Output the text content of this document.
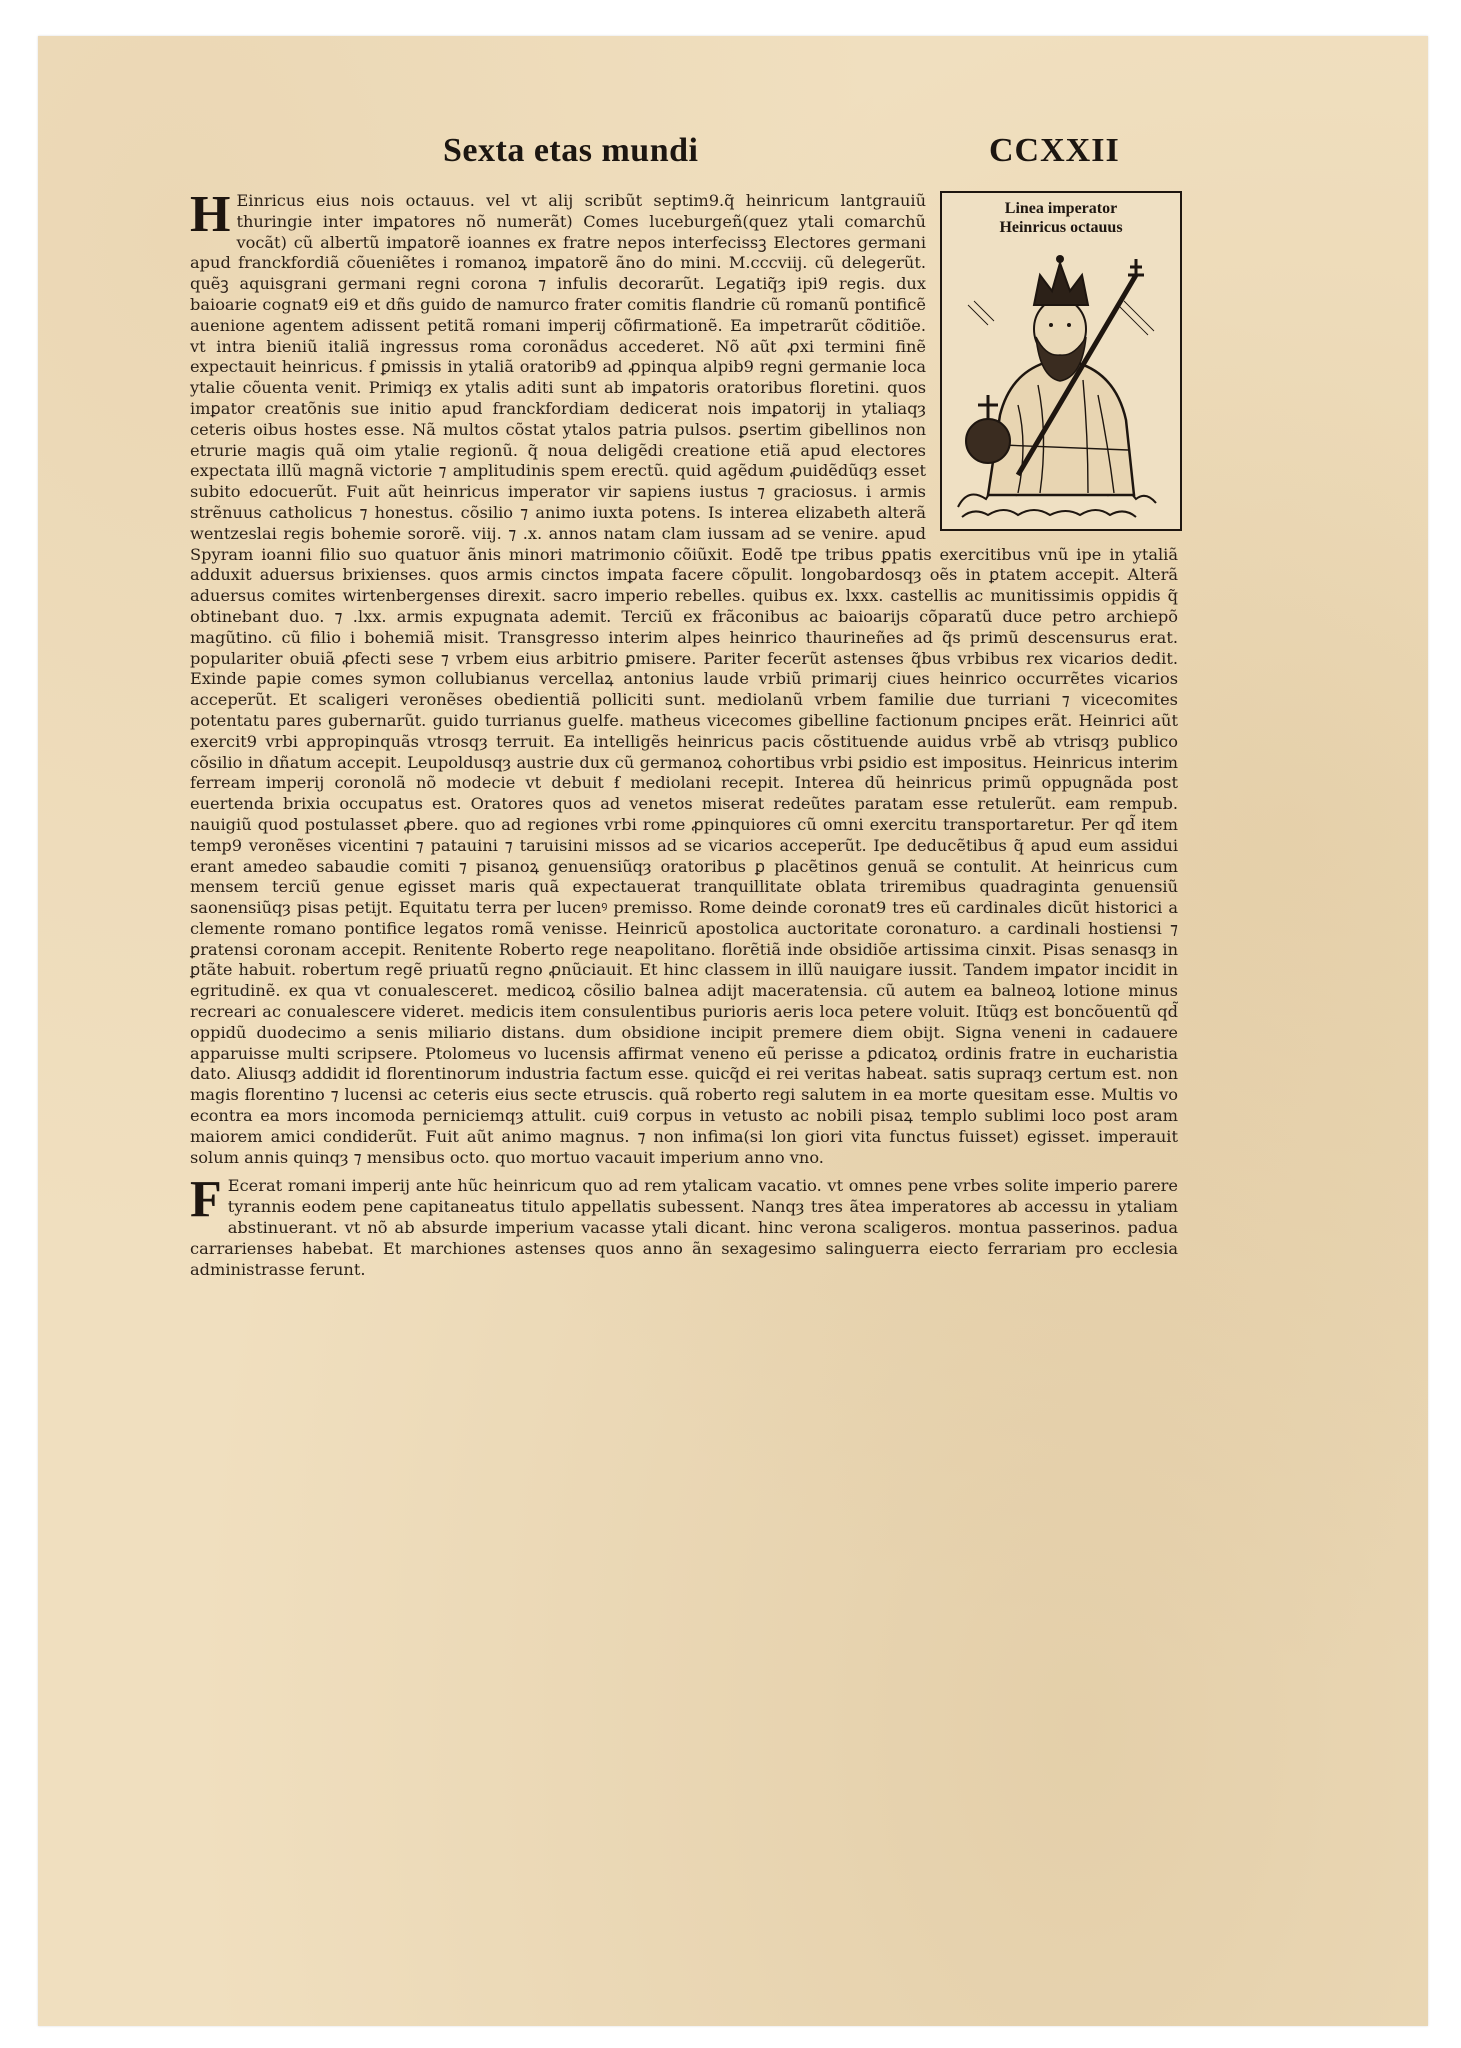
Sexta etas mundi	CCXXII
Linea imperator
Heinricus octauus

H Einricus eius nois octauus. vel vt alij scribũt septim9.q̃ heinricum lantgrauiũ thuringie inter imꝑatores nõ numerãt) Comes luceburgeñ(quez ytali comarchũ vocãt) cũ albertũ imꝑatorẽ ioannes ex fratre nepos interfecissꝫ Electores germani apud franckfordiã cõueniẽtes i romanoꝝ imꝑatorẽ ãno do mini. M.cccviij. cũ delegerũt. quẽꝫ aquisgrani germani regni corona ⁊ infulis decorarũt. Legatiq̃ȝ ipi9 regis. dux baioarie cognat9 ei9 et dñs guido de namurco frater comitis flandrie cũ romanũ pontificẽ auenione agentem adissent petitã romani imperij cõfirmationẽ. Ea impetrarũt cõditiõe. vt intra bieniũ italiã ingressus roma coronãdus accederet. Nõ aũt ꝓxi termini finẽ expectauit heinricus. ẜ ꝑmissis in ytaliã oratorib9 ad ꝓpinqua alpib9 regni germanie loca ytalie cõuenta venit. Primiqȝ ex ytalis aditi sunt ab imꝑatoris oratoribus floretini. quos imꝑator creatõnis sue initio apud franckfordiam dedicerat nois imꝑatorij in ytaliaqȝ ceteris oibus hostes esse. Nã multos cõstat ytalos patria pulsos. ꝑsertim gibellinos non etrurie magis quã oim ytalie regionũ. q̃ noua deligẽdi creatione etiã apud electores expectata illũ magnã victorie ⁊ amplitudinis spem erectũ. quid agẽdum ꝓuidẽdũqȝ esset subito edocuerũt. Fuit aũt heinricus imperator vir sapiens iustus ⁊ graciosus. i armis strẽnuus catholicus ⁊ honestus. cõsilio ⁊ animo iuxta potens. Is interea elizabeth alterã wentzeslai regis bohemie sororẽ. viij. ⁊ .x. annos natam clam iussam ad se venire. apud Spyram ioanni filio suo quatuor ãnis minori matrimonio cõiũxit. Eodẽ tpe tribus ꝑpatis exercitibus vnũ ipe in ytaliã adduxit aduersus brixienses. quos armis cinctos imꝑata facere cõpulit. longobardosqȝ oẽs in ꝑtatem accepit. Alterã aduersus comites wirtenbergenses direxit. sacro imperio rebelles. quibus ex. lxxx. castellis ac munitissimis oppidis q̃ obtinebant duo. ⁊ .lxx. armis expugnata ademit. Terciũ ex frãconibus ac baioarijs cõparatũ duce petro archiepõ magũtino. cũ filio i bohemiã misit. Transgresso interim alpes heinrico thaurineñes ad q̃s primũ descensurus erat. populariter obuiã ꝓfecti sese ⁊ vrbem eius arbitrio ꝑmisere. Pariter fecerũt astenses q̃bus vrbibus rex vicarios dedit. Exinde papie comes symon collubianus vercellaꝝ antonius laude vrbiũ primarij ciues heinrico occurrẽtes vicarios acceperũt. Et scaligeri veronẽses obedientiã polliciti sunt. mediolanũ vrbem familie due turriani ⁊ vicecomites potentatu pares gubernarũt. guido turrianus guelfe. matheus vicecomes gibelline factionum ꝑncipes erãt. Heinrici aũt exercit9 vrbi appropinquãs vtrosqȝ terruit. Ea intelligẽs heinricus pacis cõstituende auidus vrbẽ ab vtrisqȝ publico cõsilio in dñatum accepit. Leupoldusqȝ austrie dux cũ germanoꝝ cohortibus vrbi ꝑsidio est impositus. Heinricus interim ferream imperij coronolã nõ modecie vt debuit ẜ mediolani recepit. Interea dũ heinricus primũ oppugnãda post euertenda brixia occupatus est. Oratores quos ad venetos miserat redeũtes paratam esse retulerũt. eam rempub. nauigiũ quod postulasset ꝓbere. quo ad regiones vrbi rome ꝓpinquiores cũ omni exercitu transportaretur. Per qd̃ item temp9 veronẽses vicentini ⁊ patauini ⁊ taruisini missos ad se vicarios acceperũt. Ipe deducẽtibus q̃ apud eum assidui erant amedeo sabaudie comiti ⁊ pisanoꝝ genuensiũqȝ oratoribus ꝑ placẽtinos genuã se contulit. At heinricus cum mensem terciũ genue egisset maris quã expectauerat tranquillitate oblata triremibus quadraginta genuensiũ saonensiũqȝ pisas petijt. Equitatu terra per lucenꝰ premisso. Rome deinde coronat9 tres eũ cardinales dicũt historici a clemente romano pontifice legatos romã venisse. Heinricũ apostolica auctoritate coronaturo. a cardinali hostiensi ⁊ ꝑratensi coronam accepit. Renitente Roberto rege neapolitano. florẽtiã inde obsidiõe artissima cinxit. Pisas senasqȝ in ꝑtãte habuit. robertum regẽ priuatũ regno ꝓnũciauit. Et hinc classem in illũ nauigare iussit. Tandem imꝑator incidit in egritudinẽ. ex qua vt conualesceret. medicoꝝ cõsilio balnea adijt maceratensia. cũ autem ea balneoꝝ lotione minus recreari ac conualescere videret. medicis item consulentibus purioris aeris loca petere voluit. Itũqȝ est boncõuentũ qd̃ oppidũ duodecimo a senis miliario distans. dum obsidione incipit premere diem obijt. Signa veneni in cadauere apparuisse multi scripsere. Ptolomeus vo lucensis affirmat veneno eũ perisse a ꝑdicatoꝝ ordinis fratre in eucharistia dato. Aliusqȝ addidit id florentinorum industria factum esse. quicq̃d ei rei veritas habeat. satis supraqȝ certum est. non magis florentino ⁊ lucensi ac ceteris eius secte etruscis. quã roberto regi salutem in ea morte quesitam esse. Multis vo econtra ea mors incomoda perniciemqȝ attulit. cui9 corpus in vetusto ac nobili pisaꝝ templo sublimi loco post aram maiorem amici condiderũt. Fuit aũt animo magnus. ⁊ non infima(si lon giori vita functus fuisset) egisset. imperauit solum annis quinqȝ ⁊ mensibus octo. quo mortuo vacauit imperium anno vno.

F Ecerat romani imperij ante hũc heinricum quo ad rem ytalicam vacatio. vt omnes pene vrbes solite imperio parere tyrannis eodem pene capitaneatus titulo appellatis subessent. Nanqȝ tres ãtea imperatores ab accessu in ytaliam abstinuerant. vt nõ ab absurde imperium vacasse ytali dicant. hinc verona scaligeros. montua passerinos. padua carrarienses habebat. Et marchiones astenses quos anno ãn sexagesimo salinguerra eiecto ferrariam pro ecclesia administrasse ferunt.
